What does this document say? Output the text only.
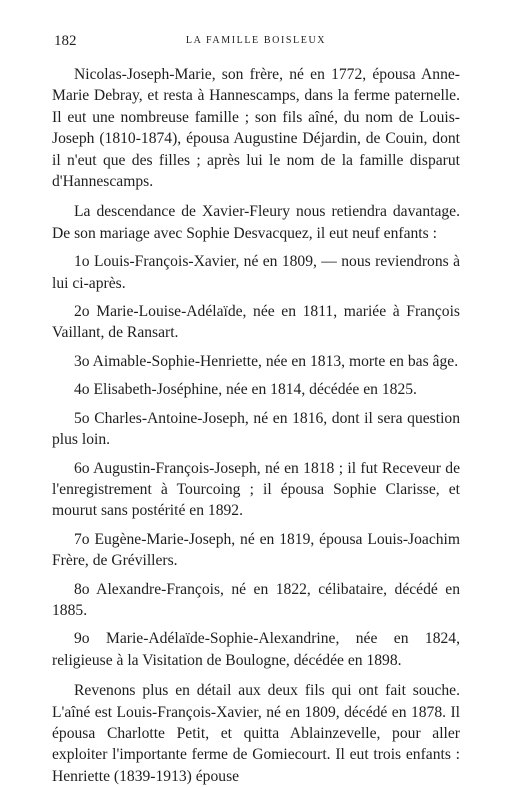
182	LA FAMILLE BOISLEUX

Nicolas-Joseph-Marie, son frère, né en 1772, épousa Anne-Marie Debray, et resta à Hannescamps, dans la ferme paternelle. Il eut une nombreuse famille ; son fils aîné, du nom de Louis-Joseph (1810-1874), épousa Augustine Déjardin, de Couin, dont il n'eut que des filles ; après lui le nom de la famille disparut d'Hannescamps.

La descendance de Xavier-Fleury nous retiendra davantage. De son mariage avec Sophie Desvacquez, il eut neuf enfants :

1o Louis-François-Xavier, né en 1809, — nous reviendrons à lui ci-après.

2o Marie-Louise-Adélaïde, née en 1811, mariée à François Vaillant, de Ransart.

3o Aimable-Sophie-Henriette, née en 1813, morte en bas âge.

4o Elisabeth-Joséphine, née en 1814, décédée en 1825.

5o Charles-Antoine-Joseph, né en 1816, dont il sera question plus loin.

6o Augustin-François-Joseph, né en 1818 ; il fut Receveur de l'enregistrement à Tourcoing ; il épousa Sophie Clarisse, et mourut sans postérité en 1892.

7o Eugène-Marie-Joseph, né en 1819, épousa Louis-Joachim Frère, de Grévillers.

8o Alexandre-François, né en 1822, célibataire, décédé en 1885.

9o Marie-Adélaïde-Sophie-Alexandrine, née en 1824, religieuse à la Visitation de Boulogne, décédée en 1898.

Revenons plus en détail aux deux fils qui ont fait souche. L'aîné est Louis-François-Xavier, né en 1809, décédé en 1878. Il épousa Charlotte Petit, et quitta Ablainzevelle, pour aller exploiter l'importante ferme de Gomiecourt. Il eut trois enfants : Henriette (1839-1913) épouse
